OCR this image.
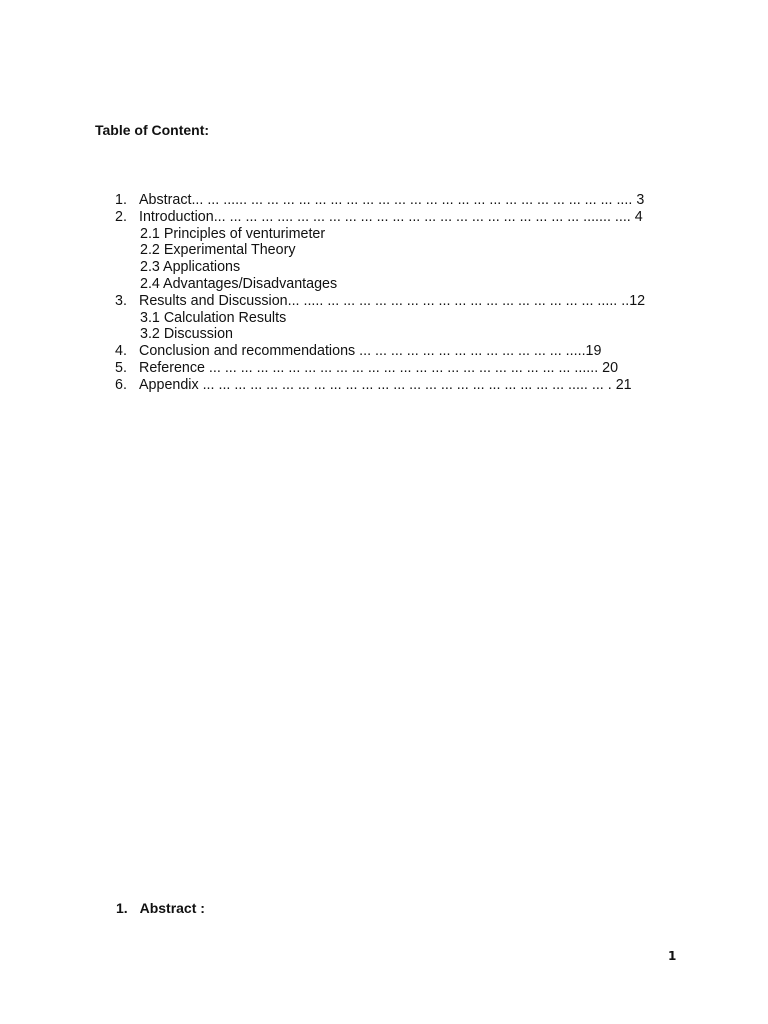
Table of Content:
1. Abstract... ... ...... ... ... ... ... ... ... ... ... ... ... ... ... ... ... ... ... ... ... ... ... ... ... ... .... 3
2. Introduction... ... ... ... .... ... ... ... ... ... ... ... ... ... ... ... ... ... ... ... ... ... ... ....... .... 4
2.1 Principles of venturimeter
2.2 Experimental Theory
2.3 Applications
2.4 Advantages/Disadvantages
3. Results and Discussion... ..... ... ... ... ... ... ... ... ... ... ... ... ... ... ... ... ... ... ..... ..12
3.1 Calculation Results
3.2 Discussion
4. Conclusion and recommendations ... ... ... ... ... ... ... ... ... ... ... ... ... .....19
5. Reference ... ... ... ... ... ... ... ... ... ... ... ... ... ... ... ... ... ... ... ... ... ... ... ...... 20
6. Appendix ... ... ... ... ... ... ... ... ... ... ... ... ... ... ... ... ... ... ... ... ... ... ... ..... ... . 21
1. Abstract :
1
